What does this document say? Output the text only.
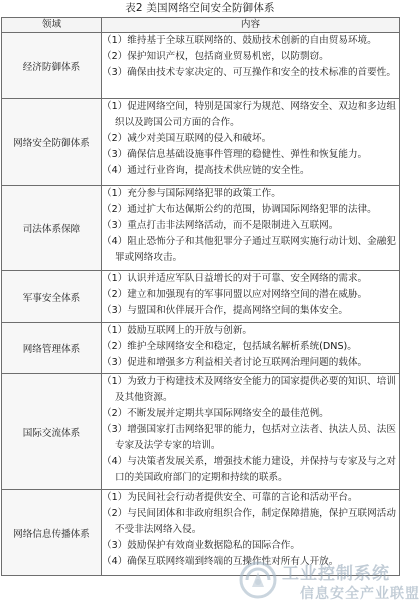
表2 美国网络空间安全防御体系
领域	内容
经济防御体系	（1）维持基于全球互联网络的、鼓励技术创新的自由贸易环境。
（2）保护知识产权，包括商业贸易机密，以防剽窃。
（3）确保由技术专家决定的、可互操作和安全的技术标准的首要性。

网络安全防御体系	（1）促进网络空间，特别是国家行为规范、网络安全、双边和多边组织以及跨国公司方面的合作。
（2）减少对美国互联网的侵入和破坏。
（3）确保信息基础设施事件管理的稳健性、弹性和恢复能力。
（4）通过行业咨询，提高技术供应链的安全性。

司法体系保障	（1）充分参与国际网络犯罪的政策工作。
（2）通过扩大布达佩斯公约的范围，协调国际网络犯罪的法律。
（3）重点打击非法网络活动，而不是限制进入互联网。
（4）阻止恐怖分子和其他犯罪分子通过互联网实施行动计划、金融犯罪或网络攻击。

军事安全体系	（1）认识并适应军队日益增长的对于可靠、安全网络的需求。
（2）建立和加强现有的军事同盟以应对网络空间的潜在威胁。
（3）与盟国和伙伴展开合作，提高网络空间的集体安全。

网络管理体系	（1）鼓励互联网上的开放与创新。
（2）维护全球网络安全和稳定，包括域名解析系统(DNS)。
（3）促进和增强多方利益相关者讨论互联网治理问题的载体。

国际交流体系	（1）为致力于构建技术及网络安全能力的国家提供必要的知识、培训及其他资源。
（2）不断发展并定期共享国际网络安全的最佳范例。
（3）增强国家打击网络犯罪的能力，包括对立法者、执法人员、法医专家及法学专家的培训。
（4）与决策者发展关系，增强技术能力建设，并保持与专家及与之对口的美国政府部门的定期和持续的联系。

网络信息传播体系	（1）为民间社会行动者提供安全、可靠的言论和活动平台。
（2）与民间团体和非政府组织合作，制定保障措施，保护互联网活动不受非法网络入侵。
（3）鼓励保护有效商业数据隐私的国际合作。
（4）确保互联网终端到终端的互操作性对所有人开放。
工业控制系统
信息安全产业联盟
